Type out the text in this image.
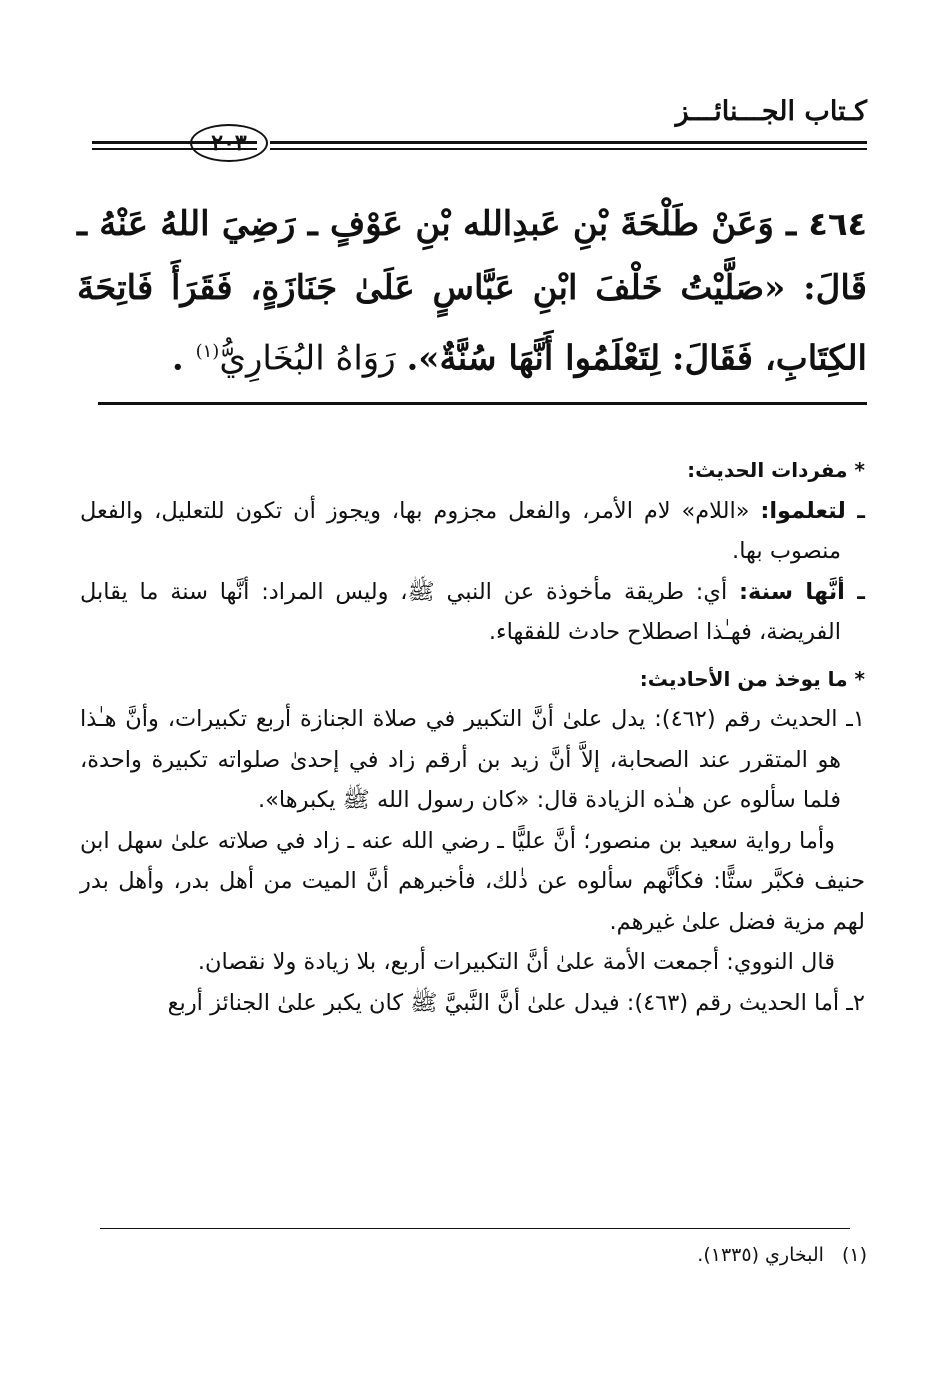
كـتاب الجـــنائـــز
٢٠٣
٤٦٤ ـ وَعَنْ طَلْحَةَ بْنِ عَبدِالله بْنِ عَوْفٍ ـ رَضِيَ اللهُ عَنْهُ ـ قَالَ: «صَلَّيْتُ خَلْفَ ابْنِ عَبَّاسٍ عَلَىٰ جَنَازَةٍ، فَقَرَأَ فَاتِحَةَ الكِتَابِ، فَقَالَ: لِتَعْلَمُوا أَنَّهَا سُنَّةٌ». رَوَاهُ البُخَارِيُّ$^{(١)}$ .

* مفردات الحديث:

ـ لتعلموا: «اللام» لام الأمر، والفعل مجزوم بها، ويجوز أن تكون للتعليل، والفعل منصوب بها.

ـ أنَّها سنة: أي: طريقة مأخوذة عن النبي ﷺ، وليس المراد: أنَّها سنة ما يقابل الفريضة، فهـٰذا اصطلاح حادث للفقهاء.

* ما يوخذ من الأحاديث:

١ـ الحديث رقم (٤٦٢): يدل علىٰ أنَّ التكبير في صلاة الجنازة أربع تكبيرات، وأنَّ هـٰذا هو المتقرر عند الصحابة، إلاَّ أنَّ زيد بن أرقم زاد في إحدىٰ صلواته تكبيرة واحدة، فلما سألوه عن هـٰذه الزيادة قال: «كان رسول الله ﷺ يكبرها».

وأما رواية سعيد بن منصور؛ أنَّ عليًّا ـ رضي الله عنه ـ زاد في صلاته علىٰ سهل ابن حنيف فكبَّر ستًّا: فكأنَّهم سألوه عن ذٰلك، فأخبرهم أنَّ الميت من أهل بدر، وأهل بدر لهم مزية فضل علىٰ غيرهم.

قال النووي: أجمعت الأمة علىٰ أنَّ التكبيرات أربع، بلا زيادة ولا نقصان.

٢ـ أما الحديث رقم (٤٦٣): فيدل علىٰ أنَّ النَّبيَّ ﷺ كان يكبر علىٰ الجنائز أربع

(١)البخاري (١٣٣٥).
